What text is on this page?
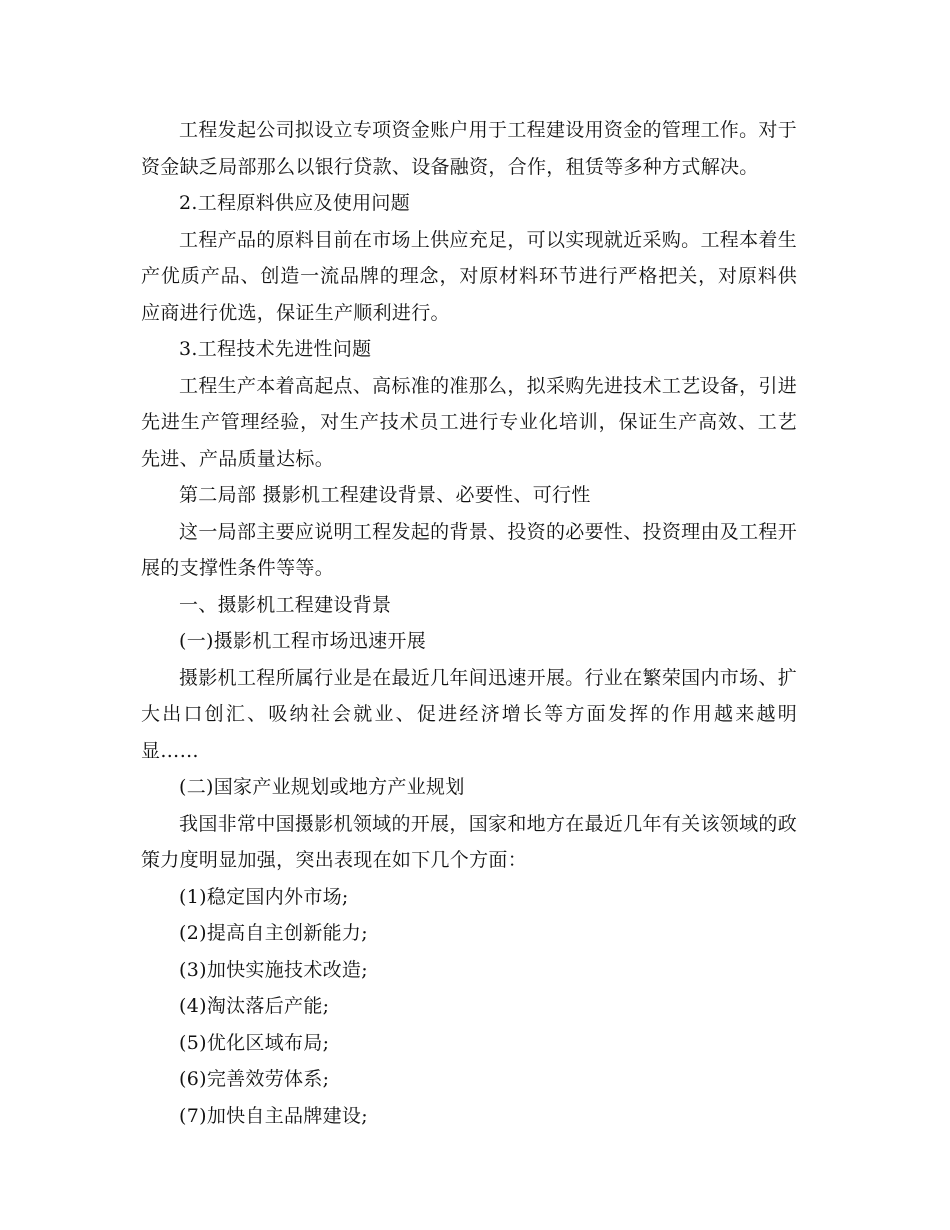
工程发起公司拟设立专项资金账户用于工程建设用资金的管理工作。对于资金缺乏局部那么以银行贷款、设备融资，合作，租赁等多种方式解决。

2.工程原料供应及使用问题

工程产品的原料目前在市场上供应充足，可以实现就近采购。工程本着生产优质产品、创造一流品牌的理念，对原材料环节进行严格把关，对原料供应商进行优选，保证生产顺利进行。

3.工程技术先进性问题

工程生产本着高起点、高标准的准那么，拟采购先进技术工艺设备，引进先进生产管理经验，对生产技术员工进行专业化培训，保证生产高效、工艺先进、产品质量达标。

第二局部 摄影机工程建设背景、必要性、可行性

这一局部主要应说明工程发起的背景、投资的必要性、投资理由及工程开展的支撑性条件等等。

一、摄影机工程建设背景

(一)摄影机工程市场迅速开展

摄影机工程所属行业是在最近几年间迅速开展。行业在繁荣国内市场、扩大出口创汇、吸纳社会就业、促进经济增长等方面发挥的作用越来越明显……

(二)国家产业规划或地方产业规划

我国非常中国摄影机领域的开展，国家和地方在最近几年有关该领域的政策力度明显加强，突出表现在如下几个方面：

(1)稳定国内外市场;

(2)提高自主创新能力;

(3)加快实施技术改造;

(4)淘汰落后产能;

(5)优化区域布局;

(6)完善效劳体系;

(7)加快自主品牌建设;
